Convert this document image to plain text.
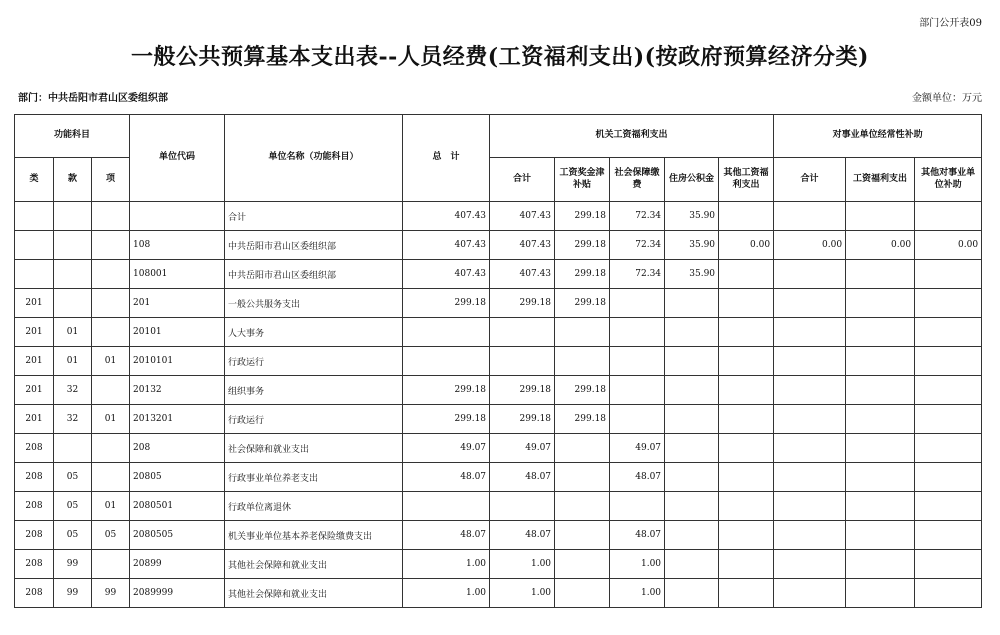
部门公开表09
一般公共预算基本支出表--人员经费(工资福利支出)(按政府预算经济分类)
部门：中共岳阳市君山区委组织部	金额单位：万元
功能科目			单位代码	单位名称（功能科目）	总　计	机关工资福利支出					对事业单位经常性补助		
类	款	项				合计	工资奖金津补贴	社会保障缴费	住房公积金	其他工资福利支出	合计	工资福利支出	其他对事业单位补助
				合计	407.43	407.43	299.18	72.34	35.90				
			108	中共岳阳市君山区委组织部	407.43	407.43	299.18	72.34	35.90	0.00	0.00	0.00	0.00
			108001	中共岳阳市君山区委组织部	407.43	407.43	299.18	72.34	35.90				
201			201	一般公共服务支出	299.18	299.18	299.18						
201	01		20101	人大事务									
201	01	01	2010101	行政运行									
201	32		20132	组织事务	299.18	299.18	299.18						
201	32	01	2013201	行政运行	299.18	299.18	299.18						
208			208	社会保障和就业支出	49.07	49.07		49.07					
208	05		20805	行政事业单位养老支出	48.07	48.07		48.07					
208	05	01	2080501	行政单位离退休									
208	05	05	2080505	机关事业单位基本养老保险缴费支出	48.07	48.07		48.07					
208	99		20899	其他社会保障和就业支出	1.00	1.00		1.00					
208	99	99	2089999	其他社会保障和就业支出	1.00	1.00		1.00					
